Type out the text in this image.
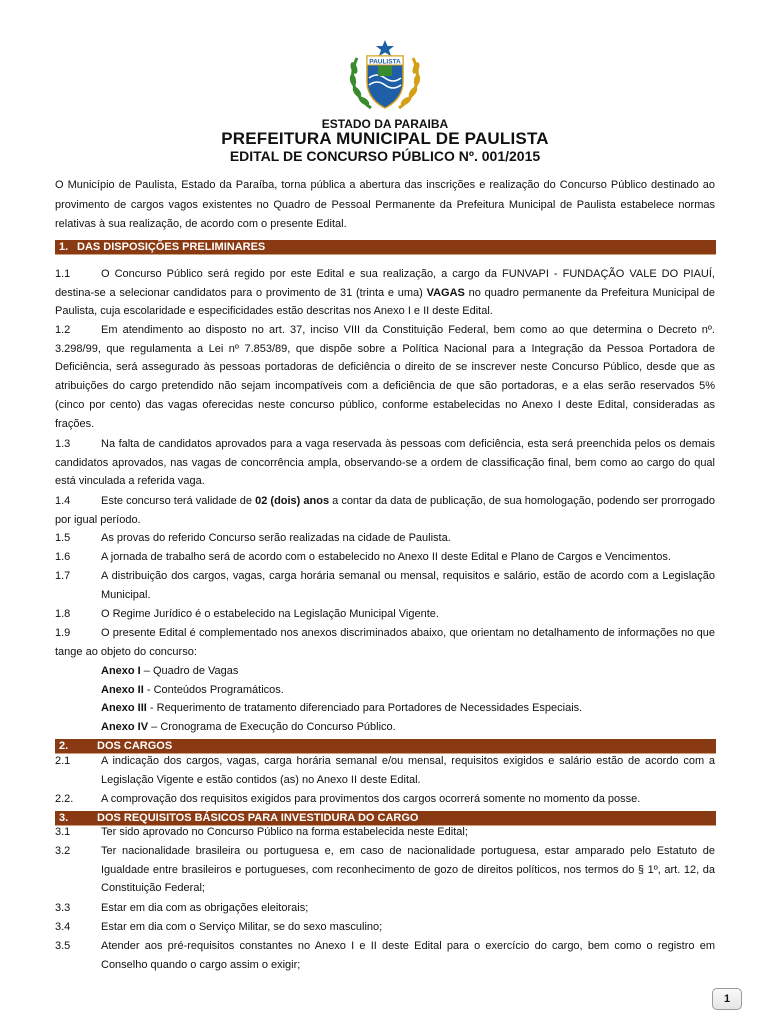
PAULISTA
ESTADO DA PARAIBA
PREFEITURA MUNICIPAL DE PAULISTA
EDITAL DE CONCURSO PÚBLICO Nº. 001/2015
O Município de Paulista, Estado da Paraíba, torna pública a abertura das inscrições e realização do Concurso Público destinado ao provimento de cargos vagos existentes no Quadro de Pessoal Permanente da Prefeitura Municipal de Paulista estabelece normas relativas à sua realização, de acordo com o presente Edital.
1. DAS DISPOSIÇÕES PRELIMINARES
1.1	O Concurso Público será regido por este Edital e sua realização, a cargo da FUNVAPI - FUNDAÇÃO VALE DO PIAUÍ, destina-se a selecionar candidatos para o provimento de 31 (trinta e uma) VAGAS no quadro permanente da Prefeitura Municipal de Paulista, cuja escolaridade e especificidades estão descritas nos Anexo I e II deste Edital.
1.2	Em atendimento ao disposto no art. 37, inciso VIII da Constituição Federal, bem como ao que determina o Decreto nº. 3.298/99, que regulamenta a Lei nº 7.853/89, que dispõe sobre a Política Nacional para a Integração da Pessoa Portadora de Deficiência, será assegurado às pessoas portadoras de deficiência o direito de se inscrever neste Concurso Público, desde que as atribuições do cargo pretendido não sejam incompatíveis com a deficiência de que são portadoras, e a elas serão reservados 5% (cinco por cento) das vagas oferecidas neste concurso público, conforme estabelecidas no Anexo I deste Edital, consideradas as frações.
1.3	Na falta de candidatos aprovados para a vaga reservada às pessoas com deficiência, esta será preenchida pelos os demais candidatos aprovados, nas vagas de concorrência ampla, observando-se a ordem de classificação final, bem como ao cargo do qual está vinculada a referida vaga.
1.4	Este concurso terá validade de 02 (dois) anos a contar da data de publicação, de sua homologação, podendo ser prorrogado por igual período.
1.5	As provas do referido Concurso serão realizadas na cidade de Paulista.
1.6	A jornada de trabalho será de acordo com o estabelecido no Anexo II deste Edital e Plano de Cargos e Vencimentos.
1.7	A distribuição dos cargos, vagas, carga horária semanal ou mensal, requisitos e salário, estão de acordo com a Legislação Municipal.
1.8	O Regime Jurídico é o estabelecido na Legislação Municipal Vigente.
1.9	O presente Edital é complementado nos anexos discriminados abaixo, que orientam no detalhamento de informações no que tange ao objeto do concurso:
Anexo I – Quadro de Vagas
Anexo II - Conteúdos Programáticos.
Anexo III - Requerimento de tratamento diferenciado para Portadores de Necessidades Especiais.
Anexo IV – Cronograma de Execução do Concurso Público.
2.	DOS CARGOS
2.1	A indicação dos cargos, vagas, carga horária semanal e/ou mensal, requisitos exigidos e salário estão de acordo com a Legislação Vigente e estão contidos (as) no Anexo II deste Edital.
2.2.	A comprovação dos requisitos exigidos para provimentos dos cargos ocorrerá somente no momento da posse.
3.	DOS REQUISITOS BÁSICOS PARA INVESTIDURA DO CARGO
3.1	Ter sido aprovado no Concurso Público na forma estabelecida neste Edital;
3.2	Ter nacionalidade brasileira ou portuguesa e, em caso de nacionalidade portuguesa, estar amparado pelo Estatuto de Igualdade entre brasileiros e portugueses, com reconhecimento de gozo de direitos políticos, nos termos do § 1º, art. 12, da Constituição Federal;
3.3	Estar em dia com as obrigações eleitorais;
3.4	Estar em dia com o Serviço Militar, se do sexo masculino;
3.5	Atender aos pré-requisitos constantes no Anexo I e II deste Edital para o exercício do cargo, bem como o registro em Conselho quando o cargo assim o exigir;
1
